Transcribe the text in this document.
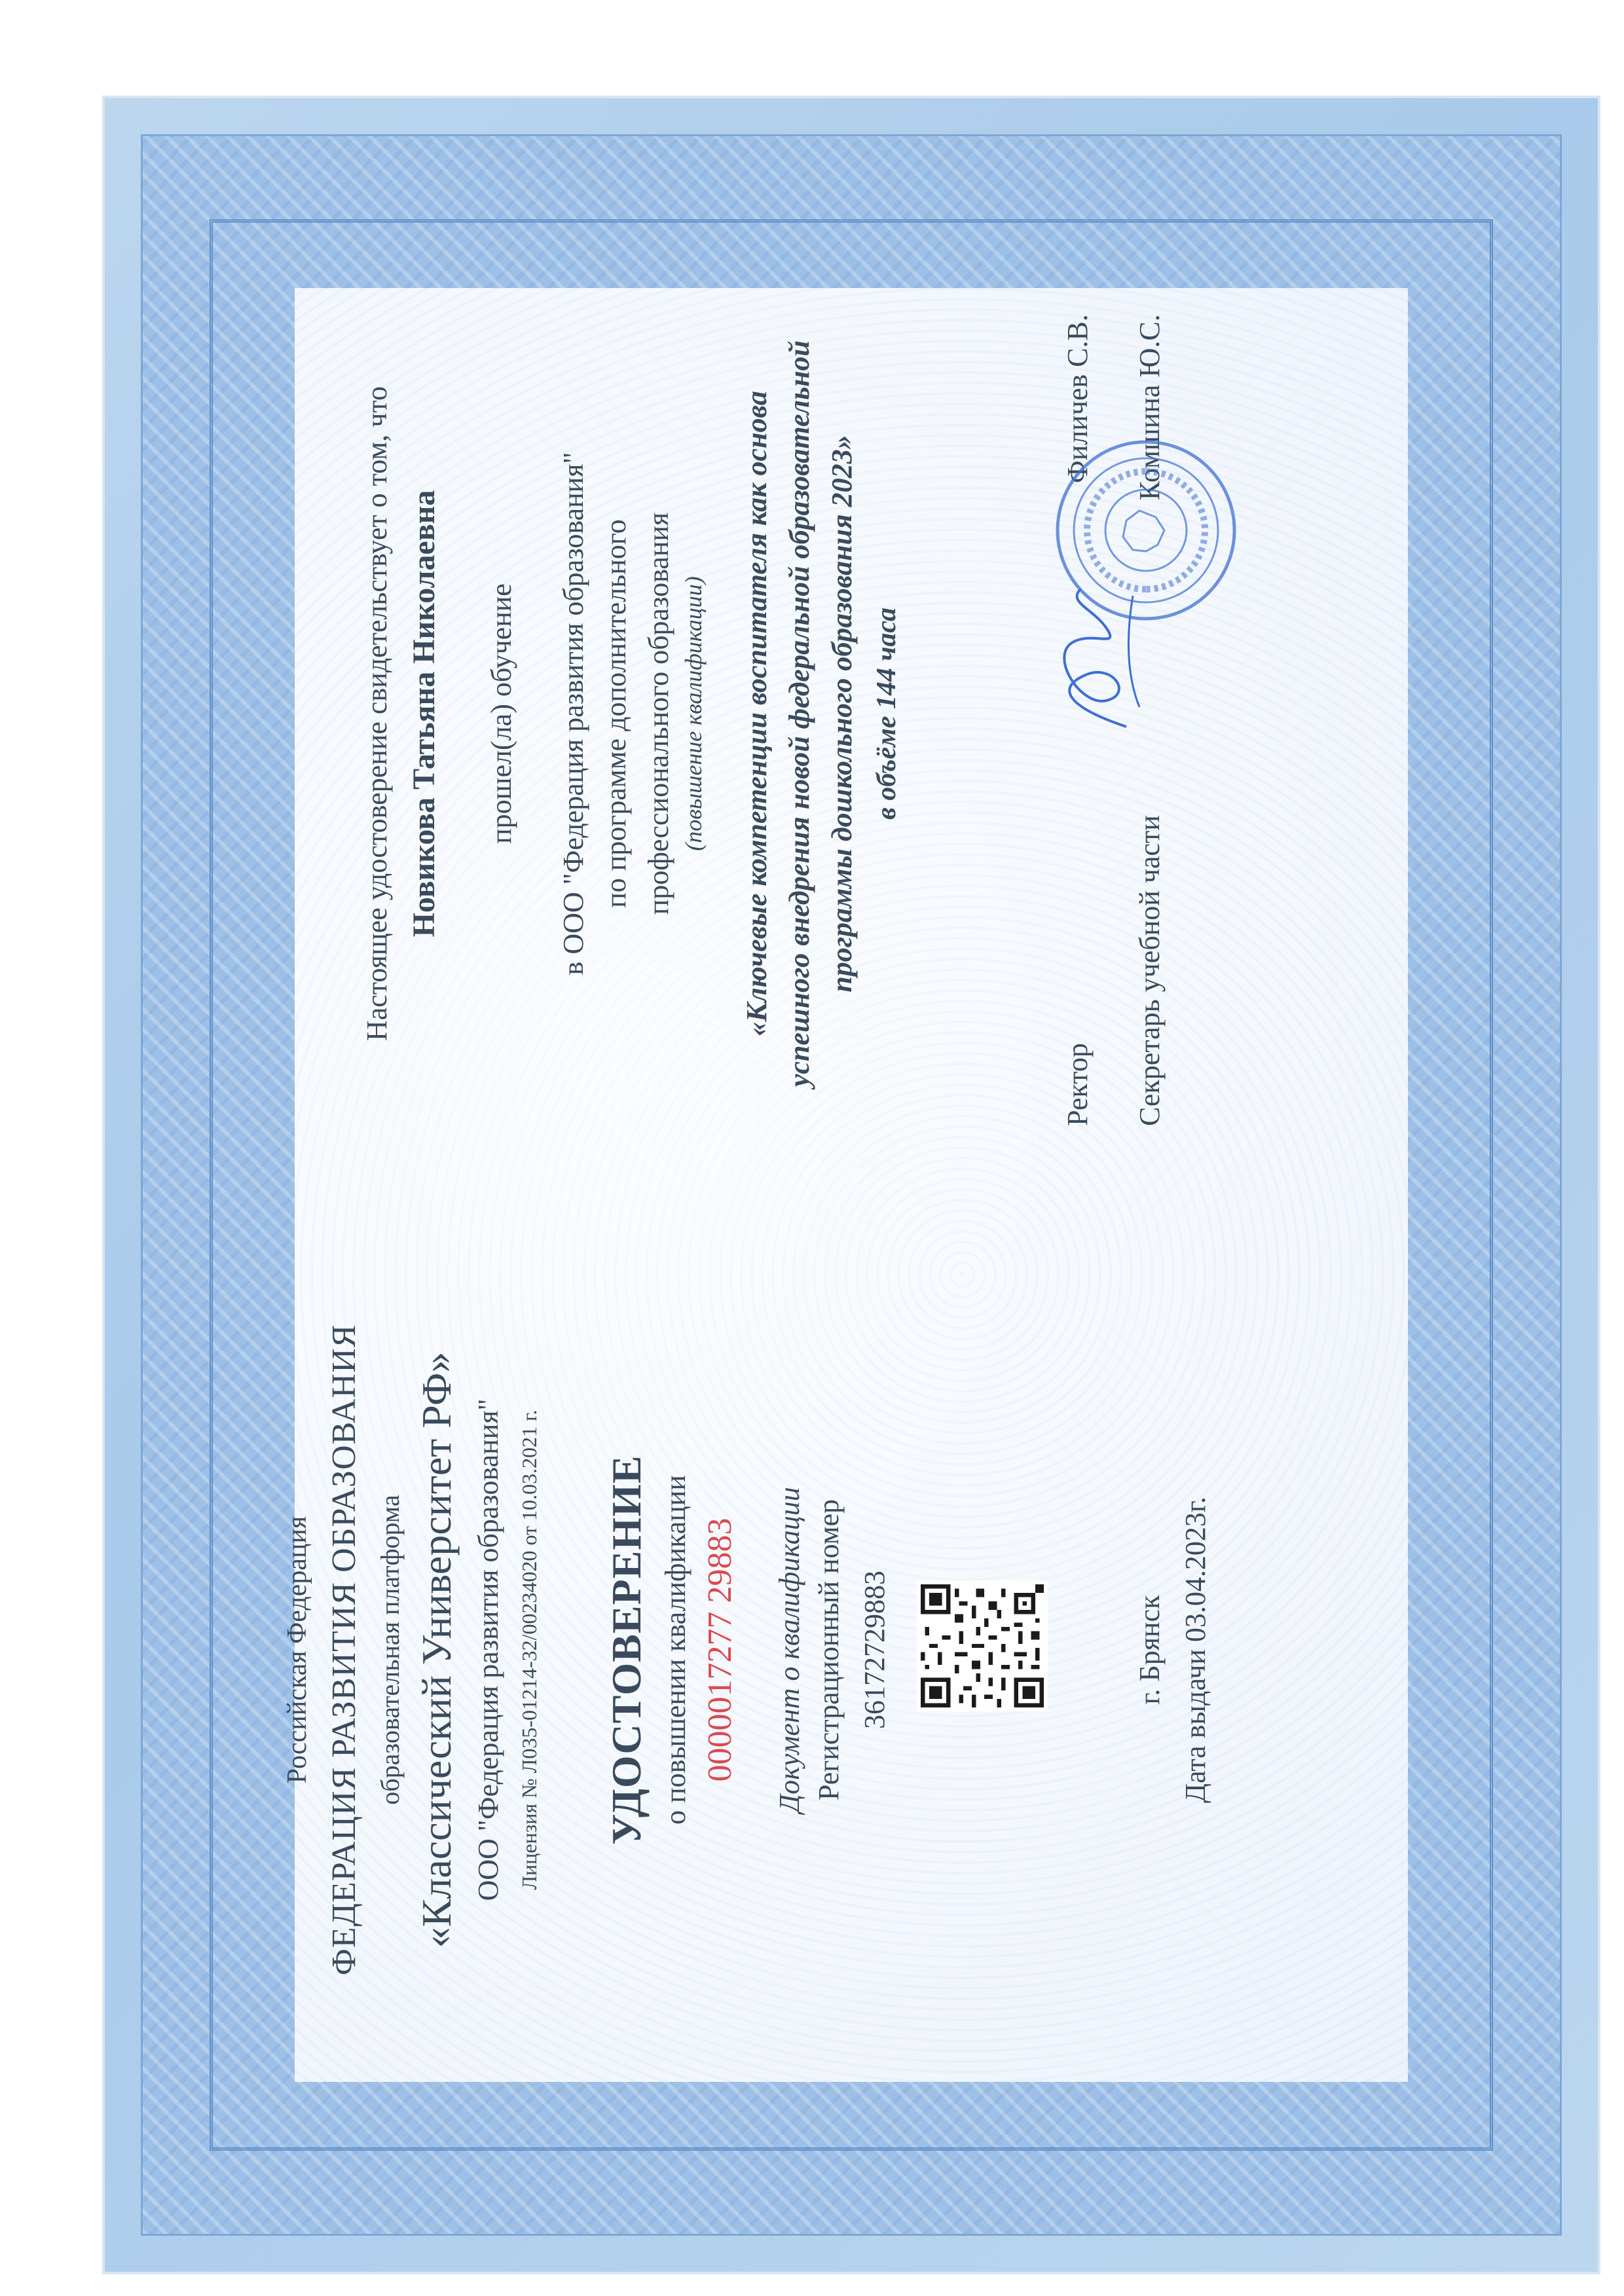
Российская Федерация ФЕДЕРАЦИЯ РАЗВИТИЯ ОБРАЗОВАНИЯ образовательная платформа «Классический Университет РФ» ООО "Федерация развития образования" Лицензия № Л035-01214-32/00234020 от 10.03.2021 г. УДОСТОВЕРЕНИЕ о повышении квалификации 0000017277 29883 Документ о квалификации Регистрационный номер 36172729883	г. Брянск Дата выдачи 03.04.2023г.
Настоящее удостоверение свидетельствует о том, что Новикова Татьяна Николаевна прошел(ла) обучение в ООО "Федерация развития образования" по программе дополнительного профессионального образования (повышение квалификации) «Ключевые компетенции воспитателя как основа успешного внедрения новой федеральной образовательной программы дошкольного образования 2023» в объёме 144 часа
Ректор
Филичев С.В.
Секретарь учебной части
Комшина Ю.С.
